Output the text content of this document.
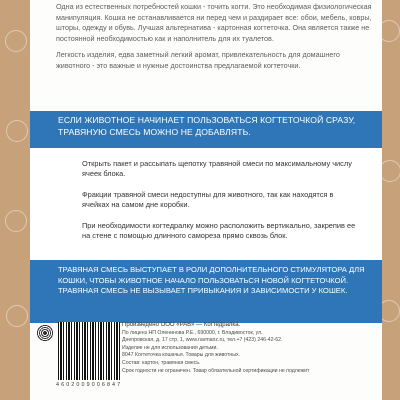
Одна из естественных потребностей кошки - точить когти. Это необходимая физиологическая манипуляция. Кошка не останавливается ни перед чем и раздирает все: обои, мебель, ковры, шторы, одежду и обувь. Лучшая альтернатива - картонная когтеточка. Она является также не постоянной необходимостью как и наполнитель для их туалетов.

Легкость изделия, едва заметный легкий аромат, привлекательность для домашнего животного - это важные и нужные достоинства предлагаемой когтеточки.

ЕСЛИ ЖИВОТНОЕ НАЧИНАЕТ ПОЛЬЗОВАТЬСЯ КОГТЕТОЧКОЙ СРАЗУ, ТРАВЯНУЮ СМЕСЬ МОЖНО НЕ ДОБАВЛЯТЬ.

Открыть пакет и рассыпать щепотку травяной смеси по максимальному числу ячеек блока.

Фракции травяной смеси недоступны для животного, так как находятся в ячейках на самом дне коробки.

При необходимости когтедралку можно расположить вертикально, закрепив ее на стене с помощью длинного саморезa прямо сквозь блок.

ТРАВЯНАЯ СМЕСЬ ВЫСТУПАЕТ В РОЛИ ДОПОЛНИТЕЛЬНОГО СТИМУЛЯТОРА ДЛЯ КОШКИ, ЧТОБЫ ЖИВОТНОЕ НАЧАЛО ПОЛЬЗОВАТЬСЯ НОВОЙ КОГТЕТОЧКОЙ. ТРАВЯНАЯ СМЕСЬ НЕ ВЫЗЫВАЕТ ПРИВЫКАНИЯ И ЗАВИСИМОСТИ У КОШЕК.
4 6 0 2 0 0 9 0 0 6 8 4 7
Произведено ООО «РАВ» — Когтедралка.
По лиценз НП Оленинова Р.Е., 690000, г. Владивосток, ул.
Днепровская, д. 17 стр. 1, www.ravmanz.ru, тел.+7 (423) 246-42-62.
Изделие не для использования детьми.
8047 Когтеточка кошачья. Товары для животных.
Состав: картон, травяная смесь.
Срок годности не ограничен. Товар обязательной сертификации не подлежит
